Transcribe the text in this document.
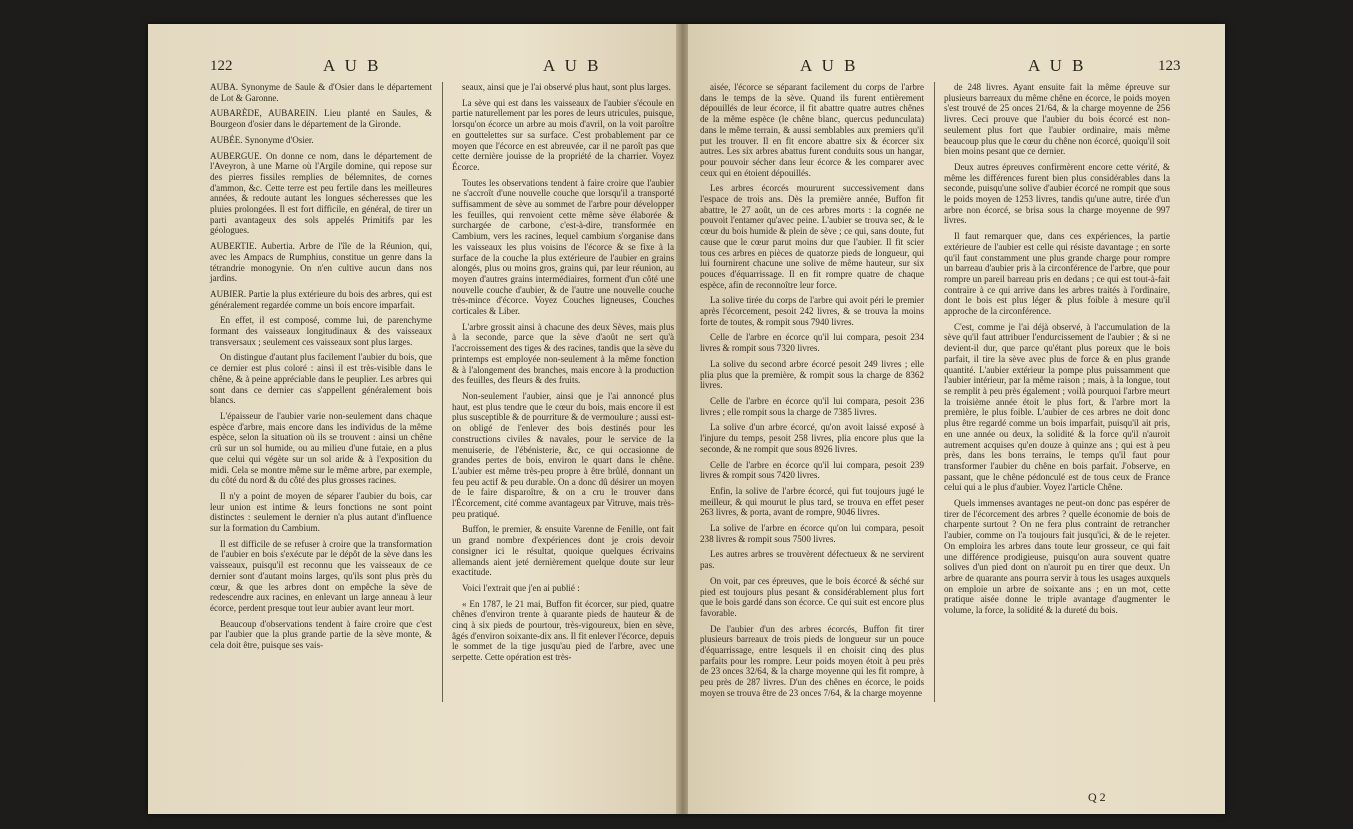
122	A U B	A U B

AUBA. Synonyme de Saule & d'Osier dans le département de Lot & Garonne.

AUBARÈDE, AUBAREIN. Lieu planté en Saules, & Bourgeon d'osier dans le département de la Gironde.

AUBÉE. Synonyme d'Osier.

AUBERGUE. On donne ce nom, dans le département de l'Aveyron, à une Marne où l'Argile domine, qui repose sur des pierres fissiles remplies de bélemnites, de cornes d'ammon, &c. Cette terre est peu fertile dans les meilleures années, & redoute autant les longues sécheresses que les pluies prolongées. Il est fort difficile, en général, de tirer un parti avantageux des sols appelés Primitifs par les géologues.

AUBERTIE. Aubertia. Arbre de l'île de la Réunion, qui, avec les Ampacs de Rumphius, constitue un genre dans la tétrandrie monogynie. On n'en cultive aucun dans nos jardins.

AUBIER. Partie la plus extérieure du bois des arbres, qui est généralement regardée comme un bois encore imparfait.

En effet, il est composé, comme lui, de parenchyme formant des vaisseaux longitudinaux & des vaisseaux transversaux ; seulement ces vaisseaux sont plus larges.

On distingue d'autant plus facilement l'aubier du bois, que ce dernier est plus coloré : ainsi il est très-visible dans le chêne, & à peine appréciable dans le peuplier. Les arbres qui sont dans ce dernier cas s'appellent généralement bois blancs.

L'épaisseur de l'aubier varie non-seulement dans chaque espèce d'arbre, mais encore dans les individus de la même espèce, selon la situation où ils se trouvent : ainsi un chêne crû sur un sol humide, ou au milieu d'une futaie, en a plus que celui qui végète sur un sol aride & à l'exposition du midi. Cela se montre même sur le même arbre, par exemple, du côté du nord & du côté des plus grosses racines.

Il n'y a point de moyen de séparer l'aubier du bois, car leur union est intime & leurs fonctions ne sont point distinctes : seulement le dernier n'a plus autant d'influence sur la formation du Cambium.

Il est difficile de se refuser à croire que la transformation de l'aubier en bois s'exécute par le dépôt de la sève dans les vaisseaux, puisqu'il est reconnu que les vaisseaux de ce dernier sont d'autant moins larges, qu'ils sont plus près du cœur, & que les arbres dont on empêche la sève de redescendre aux racines, en enlevant un large anneau à leur écorce, perdent presque tout leur aubier avant leur mort.

Beaucoup d'observations tendent à faire croire que c'est par l'aubier que la plus grande partie de la sève monte, & cela doit être, puisque ses vais-

seaux, ainsi que je l'ai observé plus haut, sont plus larges.

La sève qui est dans les vaisseaux de l'aubier s'écoule en partie naturellement par les pores de leurs utricules, puisque, lorsqu'on écorce un arbre au mois d'avril, on la voit paroître en gouttelettes sur sa surface. C'est probablement par ce moyen que l'écorce en est abreuvée, car il ne paroît pas que cette dernière jouisse de la propriété de la charrier. Voyez Écorce.

Toutes les observations tendent à faire croire que l'aubier ne s'accroît d'une nouvelle couche que lorsqu'il a transporté suffisamment de sève au sommet de l'arbre pour développer les feuilles, qui renvoient cette même sève élaborée & surchargée de carbone, c'est-à-dire, transformée en Cambium, vers les racines, lequel cambium s'organise dans les vaisseaux les plus voisins de l'écorce & se fixe à la surface de la couche la plus extérieure de l'aubier en grains alongés, plus ou moins gros, grains qui, par leur réunion, au moyen d'autres grains intermédiaires, forment d'un côté une nouvelle couche d'aubier, & de l'autre une nouvelle couche très-mince d'écorce. Voyez Couches ligneuses, Couches corticales & Liber.

L'arbre grossit ainsi à chacune des deux Sèves, mais plus à la seconde, parce que la sève d'août ne sert qu'à l'accroissement des tiges & des racines, tandis que la sève du printemps est employée non-seulement à la même fonction & à l'alongement des branches, mais encore à la production des feuilles, des fleurs & des fruits.

Non-seulement l'aubier, ainsi que je l'ai annoncé plus haut, est plus tendre que le cœur du bois, mais encore il est plus susceptible & de pourriture & de vermoulure ; aussi est-on obligé de l'enlever des bois destinés pour les constructions civiles & navales, pour le service de la menuiserie, de l'ébénisterie, &c, ce qui occasionne de grandes pertes de bois, environ le quart dans le chêne. L'aubier est même très-peu propre à être brûlé, donnant un feu peu actif & peu durable. On a donc dû désirer un moyen de le faire disparoître, & on a cru le trouver dans l'Écorcement, cité comme avantageux par Vitruve, mais très-peu pratiqué.

Buffon, le premier, & ensuite Varenne de Fenille, ont fait un grand nombre d'expériences dont je crois devoir consigner ici le résultat, quoique quelques écrivains allemands aient jeté dernièrement quelque doute sur leur exactitude.

Voici l'extrait que j'en ai publié :

« En 1787, le 21 mai, Buffon fit écorcer, sur pied, quatre chênes d'environ trente à quarante pieds de hauteur & de cinq à six pieds de pourtour, très-vigoureux, bien en sève, âgés d'environ soixante-dix ans. Il fit enlever l'écorce, depuis le sommet de la tige jusqu'au pied de l'arbre, avec une serpette. Cette opération est très-

A U B	A U B	123

aisée, l'écorce se séparant facilement du corps de l'arbre dans le temps de la sève. Quand ils furent entièrement dépouillés de leur écorce, il fit abattre quatre autres chênes de la même espèce (le chêne blanc, quercus pedunculata) dans le même terrain, & aussi semblables aux premiers qu'il put les trouver. Il en fit encore abattre six & écorcer six autres. Les six arbres abattus furent conduits sous un hangar, pour pouvoir sécher dans leur écorce & les comparer avec ceux qui en étoient dépouillés.

Les arbres écorcés moururent successivement dans l'espace de trois ans. Dès la première année, Buffon fit abattre, le 27 août, un de ces arbres morts : la cognée ne pouvoit l'entamer qu'avec peine. L'aubier se trouva sec, & le cœur du bois humide & plein de sève ; ce qui, sans doute, fut cause que le cœur parut moins dur que l'aubier. Il fit scier tous ces arbres en pièces de quatorze pieds de longueur, qui lui fournirent chacune une solive de même hauteur, sur six pouces d'équarrissage. Il en fit rompre quatre de chaque espèce, afin de reconnoître leur force.

La solive tirée du corps de l'arbre qui avoit péri le premier après l'écorcement, pesoit 242 livres, & se trouva la moins forte de toutes, & rompit sous 7940 livres.

Celle de l'arbre en écorce qu'il lui compara, pesoit 234 livres & rompit sous 7320 livres.

La solive du second arbre écorcé pesoit 249 livres ; elle plia plus que la première, & rompit sous la charge de 8362 livres.

Celle de l'arbre en écorce qu'il lui compara, pesoit 236 livres ; elle rompit sous la charge de 7385 livres.

La solive d'un arbre écorcé, qu'on avoit laissé exposé à l'injure du temps, pesoit 258 livres, plia encore plus que la seconde, & ne rompit que sous 8926 livres.

Celle de l'arbre en écorce qu'il lui compara, pesoit 239 livres & rompit sous 7420 livres.

Enfin, la solive de l'arbre écorcé, qui fut toujours jugé le meilleur, & qui mourut le plus tard, se trouva en effet peser 263 livres, & porta, avant de rompre, 9046 livres.

La solive de l'arbre en écorce qu'on lui compara, pesoit 238 livres & rompit sous 7500 livres.

Les autres arbres se trouvèrent défectueux & ne servirent pas.

On voit, par ces épreuves, que le bois écorcé & séché sur pied est toujours plus pesant & considérablement plus fort que le bois gardé dans son écorce. Ce qui suit est encore plus favorable.

De l'aubier d'un des arbres écorcés, Buffon fit tirer plusieurs barreaux de trois pieds de longueur sur un pouce d'équarrissage, entre lesquels il en choisit cinq des plus parfaits pour les rompre. Leur poids moyen étoit à peu près de 23 onces 32/64, & la charge moyenne qui les fit rompre, à peu près de 287 livres. D'un des chênes en écorce, le poids moyen se trouva être de 23 onces 7/64, & la charge moyenne

de 248 livres. Ayant ensuite fait la même épreuve sur plusieurs barreaux du même chêne en écorce, le poids moyen s'est trouvé de 25 onces 21/64, & la charge moyenne de 256 livres. Ceci prouve que l'aubier du bois écorcé est non-seulement plus fort que l'aubier ordinaire, mais même beaucoup plus que le cœur du chêne non écorcé, quoiqu'il soit bien moins pesant que ce dernier.

Deux autres épreuves confirmèrent encore cette vérité, & même les différences furent bien plus considérables dans la seconde, puisqu'une solive d'aubier écorcé ne rompit que sous le poids moyen de 1253 livres, tandis qu'une autre, tirée d'un arbre non écorcé, se brisa sous la charge moyenne de 997 livres.

Il faut remarquer que, dans ces expériences, la partie extérieure de l'aubier est celle qui résiste davantage ; en sorte qu'il faut constamment une plus grande charge pour rompre un barreau d'aubier pris à la circonférence de l'arbre, que pour rompre un pareil barreau pris en dedans ; ce qui est tout-à-fait contraire à ce qui arrive dans les arbres traités à l'ordinaire, dont le bois est plus léger & plus foible à mesure qu'il approche de la circonférence.

C'est, comme je l'ai déjà observé, à l'accumulation de la sève qu'il faut attribuer l'endurcissement de l'aubier ; & si ne devient-il dur, que parce qu'étant plus poreux que le bois parfait, il tire la sève avec plus de force & en plus grande quantité. L'aubier extérieur la pompe plus puissamment que l'aubier intérieur, par la même raison ; mais, à la longue, tout se remplit à peu près également ; voilà pourquoi l'arbre meurt la troisième année étoit le plus fort, & l'arbre mort la première, le plus foible. L'aubier de ces arbres ne doit donc plus être regardé comme un bois imparfait, puisqu'il ait pris, en une année ou deux, la solidité & la force qu'il n'auroit autrement acquises qu'en douze à quinze ans ; qui est à peu près, dans les bons terrains, le temps qu'il faut pour transformer l'aubier du chêne en bois parfait. J'observe, en passant, que le chêne pédonculé est de tous ceux de France celui qui a le plus d'aubier. Voyez l'article Chêne.

Quels immenses avantages ne peut-on donc pas espérer de tirer de l'écorcement des arbres ? quelle économie de bois de charpente surtout ? On ne fera plus contraint de retrancher l'aubier, comme on l'a toujours fait jusqu'ici, & de le rejeter. On emploira les arbres dans toute leur grosseur, ce qui fait une différence prodigieuse, puisqu'on aura souvent quatre solives d'un pied dont on n'auroit pu en tirer que deux. Un arbre de quarante ans pourra servir à tous les usages auxquels on emploie un arbre de soixante ans ; en un mot, cette pratique aisée donne le triple avantage d'augmenter le volume, la force, la solidité & la dureté du bois.

Q 2
